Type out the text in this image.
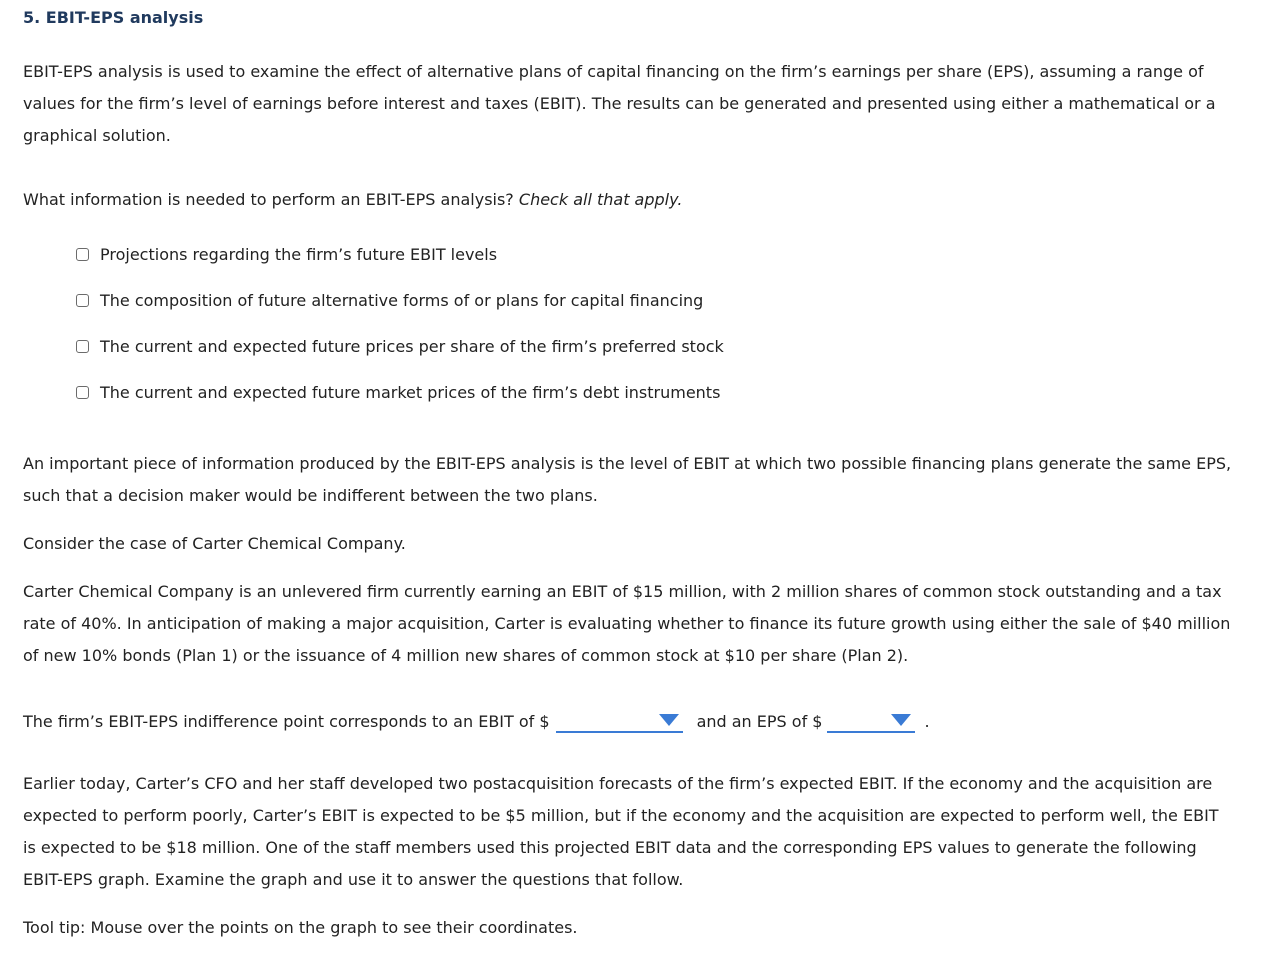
5. EBIT-EPS analysis

EBIT-EPS analysis is used to examine the effect of alternative plans of capital financing on the firm’s earnings per share (EPS), assuming a range of

values for the firm’s level of earnings before interest and taxes (EBIT). The results can be generated and presented using either a mathematical or a

graphical solution.

What information is needed to perform an EBIT-EPS analysis? Check all that apply.
Projections regarding the firm’s future EBIT levels
The composition of future alternative forms of or plans for capital financing
The current and expected future prices per share of the firm’s preferred stock
The current and expected future market prices of the firm’s debt instruments

An important piece of information produced by the EBIT-EPS analysis is the level of EBIT at which two possible financing plans generate the same EPS,

such that a decision maker would be indifferent between the two plans.

Consider the case of Carter Chemical Company.

Carter Chemical Company is an unlevered firm currently earning an EBIT of $15 million, with 2 million shares of common stock outstanding and a tax

rate of 40%. In anticipation of making a major acquisition, Carter is evaluating whether to finance its future growth using either the sale of $40 million

of new 10% bonds (Plan 1) or the issuance of 4 million new shares of common stock at $10 per share (Plan 2).

The firm’s EBIT-EPS indifference point corresponds to an EBIT of $	and an EPS of $	.

Earlier today, Carter’s CFO and her staff developed two postacquisition forecasts of the firm’s expected EBIT. If the economy and the acquisition are

expected to perform poorly, Carter’s EBIT is expected to be $5 million, but if the economy and the acquisition are expected to perform well, the EBIT

is expected to be $18 million. One of the staff members used this projected EBIT data and the corresponding EPS values to generate the following

EBIT-EPS graph. Examine the graph and use it to answer the questions that follow.

Tool tip: Mouse over the points on the graph to see their coordinates.
